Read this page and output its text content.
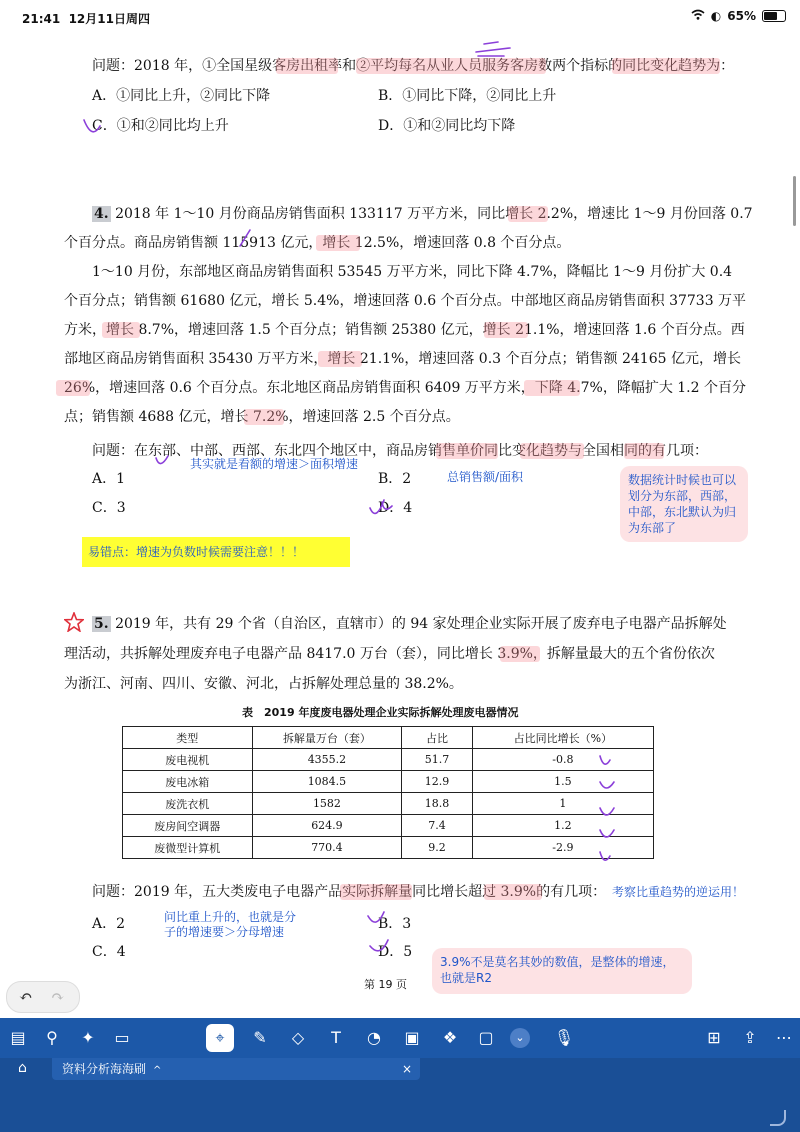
21:41 12月11日周四	◐ 65%
问题：2018 年，①全国星级客房出租率和②平均每名从业人员服务客房数两个指标的同比变化趋势为：
A．①同比上升，②同比下降	B．①同比下降，②同比上升
C．①和②同比均上升	D．①和②同比均下降
4. 2018 年 1～10 月份商品房销售面积 133117 万平方米，同比增长 2.2%，增速比 1～9 月份回落 0.7
个百分点。商品房销售额 115913 亿元，增长 12.5%，增速回落 0.8 个百分点。
1～10 月份，东部地区商品房销售面积 53545 万平方米，同比下降 4.7%，降幅比 1～9 月份扩大 0.4
个百分点；销售额 61680 亿元，增长 5.4%，增速回落 0.6 个百分点。中部地区商品房销售面积 37733 万平
方米，增长 8.7%，增速回落 1.5 个百分点；销售额 25380 亿元，增长 21.1%，增速回落 1.6 个百分点。西
部地区商品房销售面积 35430 万平方米，增长 21.1%，增速回落 0.3 个百分点；销售额 24165 亿元，增长
26%，增速回落 0.6 个百分点。东北地区商品房销售面积 6409 万平方米，下降 4.7%，降幅扩大 1.2 个百分
点；销售额 4688 亿元，增长 7.2%，增速回落 2.5 个百分点。
问题：在东部、中部、西部、东北四个地区中，商品房销售单价同比变化趋势与全国相同的有几项：
A．1	B．2
C．3	D．4
其实就是看额的增速＞面积增速
总销售额/面积	数据统计时候也可以划分为东部，西部，中部，东北默认为归为东部了
易错点：增速为负数时候需要注意！！！
5. 2019 年，共有 29 个省（自治区，直辖市）的 94 家处理企业实际开展了废弃电子电器产品拆解处
理活动，共拆解处理废弃电子电器产品 8417.0 万台（套），同比增长 3.9%，拆解量最大的五个省份依次
为浙江、河南、四川、安徽、河北，占拆解处理总量的 38.2%。
表　2019 年度废电器处理企业实际拆解处理废电器情况
类型	拆解量万台（套）	占比	占比同比增长（%）
废电视机	4355.2	51.7	-0.8
废电冰箱	1084.5	12.9	1.5
废洗衣机	1582	18.8	1
废房间空调器	624.9	7.4	1.2
废微型计算机	770.4	9.2	-2.9
问题：2019 年，五大类废电子电器产品实际拆解量同比增长超过 3.9%的有几项： 考察比重趋势的逆运用！
A．2	B．3
C．4	D．5
问比重上升的，也就是分子的增速要＞分母增速
3.9%不是莫名其妙的数值，是整体的增速，也就是R2
第 19 页
↶ ↷
▤	⚲	✦	▭	⌖	✎	◇	T	◔	▣	❖	▢	⌄	🎙	⊞	⇪	⋯
⌂	资料分析海海刷  ^	×
